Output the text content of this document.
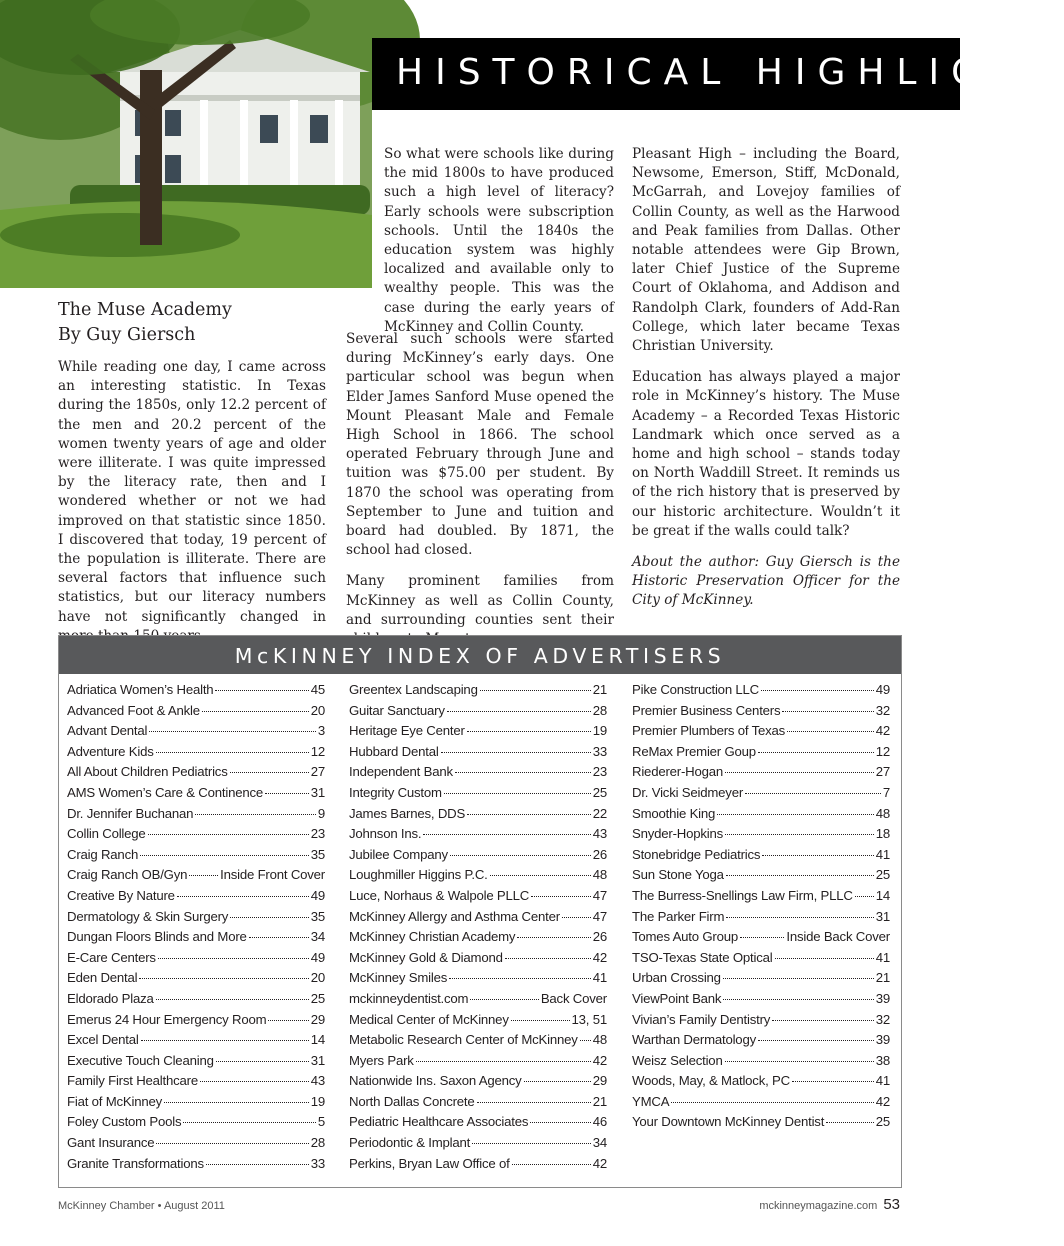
HISTORICAL HIGHLIGHT
The Muse Academy
By Guy Giersch

While reading one day, I came across an interesting statistic. In Texas during the 1850s, only 12.2 percent of the men and 20.2 percent of the women twenty years of age and older were illiterate. I was quite impressed by the literacy rate, then and I wondered whether or not we had improved on that statistic since 1850. I discovered that today, 19 percent of the population is illiterate. There are several factors that influence such statistics, but our literacy numbers have not significantly changed in

So what were schools like during the mid 1800s to have produced such a high level of literacy? Early schools were subscription schools. Until the 1840s the education system was highly localized and available only to wealthy people. This was the case during the early years of McKinney and Collin County.

Several such schools were started during McKinney’s early days. One particular school was begun when Elder James Sanford Muse opened the Mount Pleasant Male and Female High School in 1866. The school operated February through June and tuition was $75.00 per student. By 1870 the school was operating from September to June and tuition and board had doubled. By 1871, the school had closed.

Many prominent families from McKinney as well as Collin County, and surrounding counties sent their

Pleasant High – including the Board, Newsome, Emerson, Stiff, McDonald, McGarrah, and Lovejoy families of Collin County, as well as the Harwood and Peak families from Dallas. Other notable attendees were Gip Brown, later Chief Justice of the Supreme Court of Oklahoma, and Addison and Randolph Clark, founders of Add-Ran College, which later became Texas Christian University.

Education has always played a major role in McKinney’s history. The Muse Academy – a Recorded Texas Historic Landmark which once served as a home and high school – stands today on North Waddill Street. It reminds us of the rich history that is preserved by our historic architecture. Wouldn’t it be great if the walls could talk?

About the author: Guy Giersch is the Historic Preservation Officer for the City of McKinney.

McKINNEY INDEX OF ADVERTISERS
Adriatica Women’s Health	45
Advanced Foot & Ankle	20
Advant Dental	3
Adventure Kids	12
All About Children Pediatrics	27
AMS Women’s Care & Continence	31
Dr. Jennifer Buchanan	9
Collin College	23
Craig Ranch	35
Craig Ranch OB/Gyn Inside Front Cover
Creative By Nature	49
Dermatology & Skin Surgery	35
Dungan Floors Blinds and More	34
E-Care Centers	49
Eden Dental	20
Eldorado Plaza	25
Emerus 24 Hour Emergency Room	29
Excel Dental	14
Executive Touch Cleaning	31
Family First Healthcare	43
Fiat of McKinney	19
Foley Custom Pools	5
Gant Insurance	28
Granite Transformations	33
Greentex Landscaping	21
Guitar Sanctuary	28
Heritage Eye Center	19
Hubbard Dental	33
Independent Bank	23
Integrity Custom	25
James Barnes, DDS	22
Johnson Ins.	43
Jubilee Company	26
Loughmiller Higgins P.C.	48
Luce, Norhaus & Walpole PLLC	47
McKinney Allergy and Asthma Center 47
McKinney Christian Academy	26
McKinney Gold & Diamond	42
McKinney Smiles	41
mckinneydentist.com	Back Cover
Medical Center of McKinney	13, 51
Metabolic Research Center of McKinney 48
Myers Park	42
Nationwide Ins. Saxon Agency	29
North Dallas Concrete	21
Pediatric Healthcare Associates	46
Periodontic & Implant	34
Perkins, Bryan Law Office of	42
Pike Construction LLC	49
Premier Business Centers	32
Premier Plumbers of Texas	42
ReMax Premier Goup	12
Riederer-Hogan	27
Dr. Vicki Seidmeyer	7
Smoothie King	48
Snyder-Hopkins	18
Stonebridge Pediatrics	41
Sun Stone Yoga	25
The Burress-Snellings Law Firm, PLLC 14
The Parker Firm	31
Tomes Auto Group	Inside Back Cover
TSO-Texas State Optical	41
Urban Crossing	21
ViewPoint Bank	39
Vivian’s Family Dentistry	32
Warthan Dermatology	39
Weisz Selection	38
Woods, May, & Matlock, PC	41
YMCA	42
Your Downtown McKinney Dentist	25
McKinney Chamber • August 2011	mckinneymagazine.com 53
